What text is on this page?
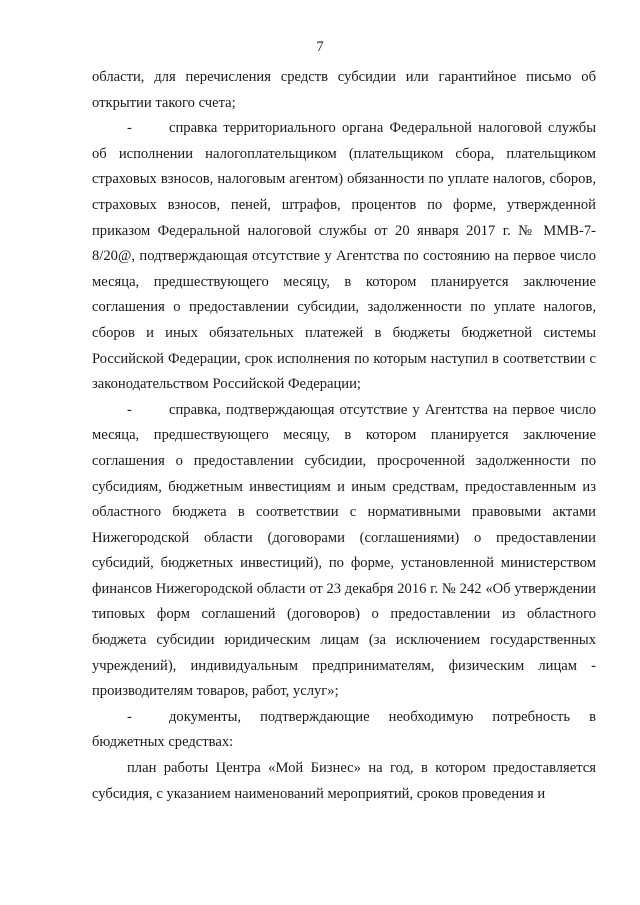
7

области, для перечисления средств субсидии или гарантийное письмо об открытии такого счета;

-	справка территориального органа Федеральной налоговой службы об исполнении налогоплательщиком (плательщиком сбора, плательщиком страховых взносов, налоговым агентом) обязанности по уплате налогов, сборов, страховых взносов, пеней, штрафов, процентов по форме, утвержденной приказом Федеральной налоговой службы от 20 января 2017 г. № ММВ-7-8/20@, подтверждающая отсутствие у Агентства по состоянию на первое число месяца, предшествующего месяцу, в котором планируется заключение соглашения о предоставлении субсидии, задолженности по уплате налогов, сборов и иных обязательных платежей в бюджеты бюджетной системы Российской Федерации, срок исполнения по которым наступил в соответствии с законодательством Российской Федерации;

-	справка, подтверждающая отсутствие у Агентства на первое число месяца, предшествующего месяцу, в котором планируется заключение соглашения о предоставлении субсидии, просроченной задолженности по субсидиям, бюджетным инвестициям и иным средствам, предоставленным из областного бюджета в соответствии с нормативными правовыми актами Нижегородской области (договорами (соглашениями) о предоставлении субсидий, бюджетных инвестиций), по форме, установленной министерством финансов Нижегородской области от 23 декабря 2016 г. № 242 «Об утверждении типовых форм соглашений (договоров) о предоставлении из областного бюджета субсидии юридическим лицам (за исключением государственных учреждений), индивидуальным предпринимателям, физическим лицам - производителям товаров, работ, услуг»;

-	документы, подтверждающие необходимую потребность в бюджетных средствах:

план работы Центра «Мой Бизнес» на год, в котором предоставляется субсидия, с указанием наименований мероприятий, сроков проведения и
